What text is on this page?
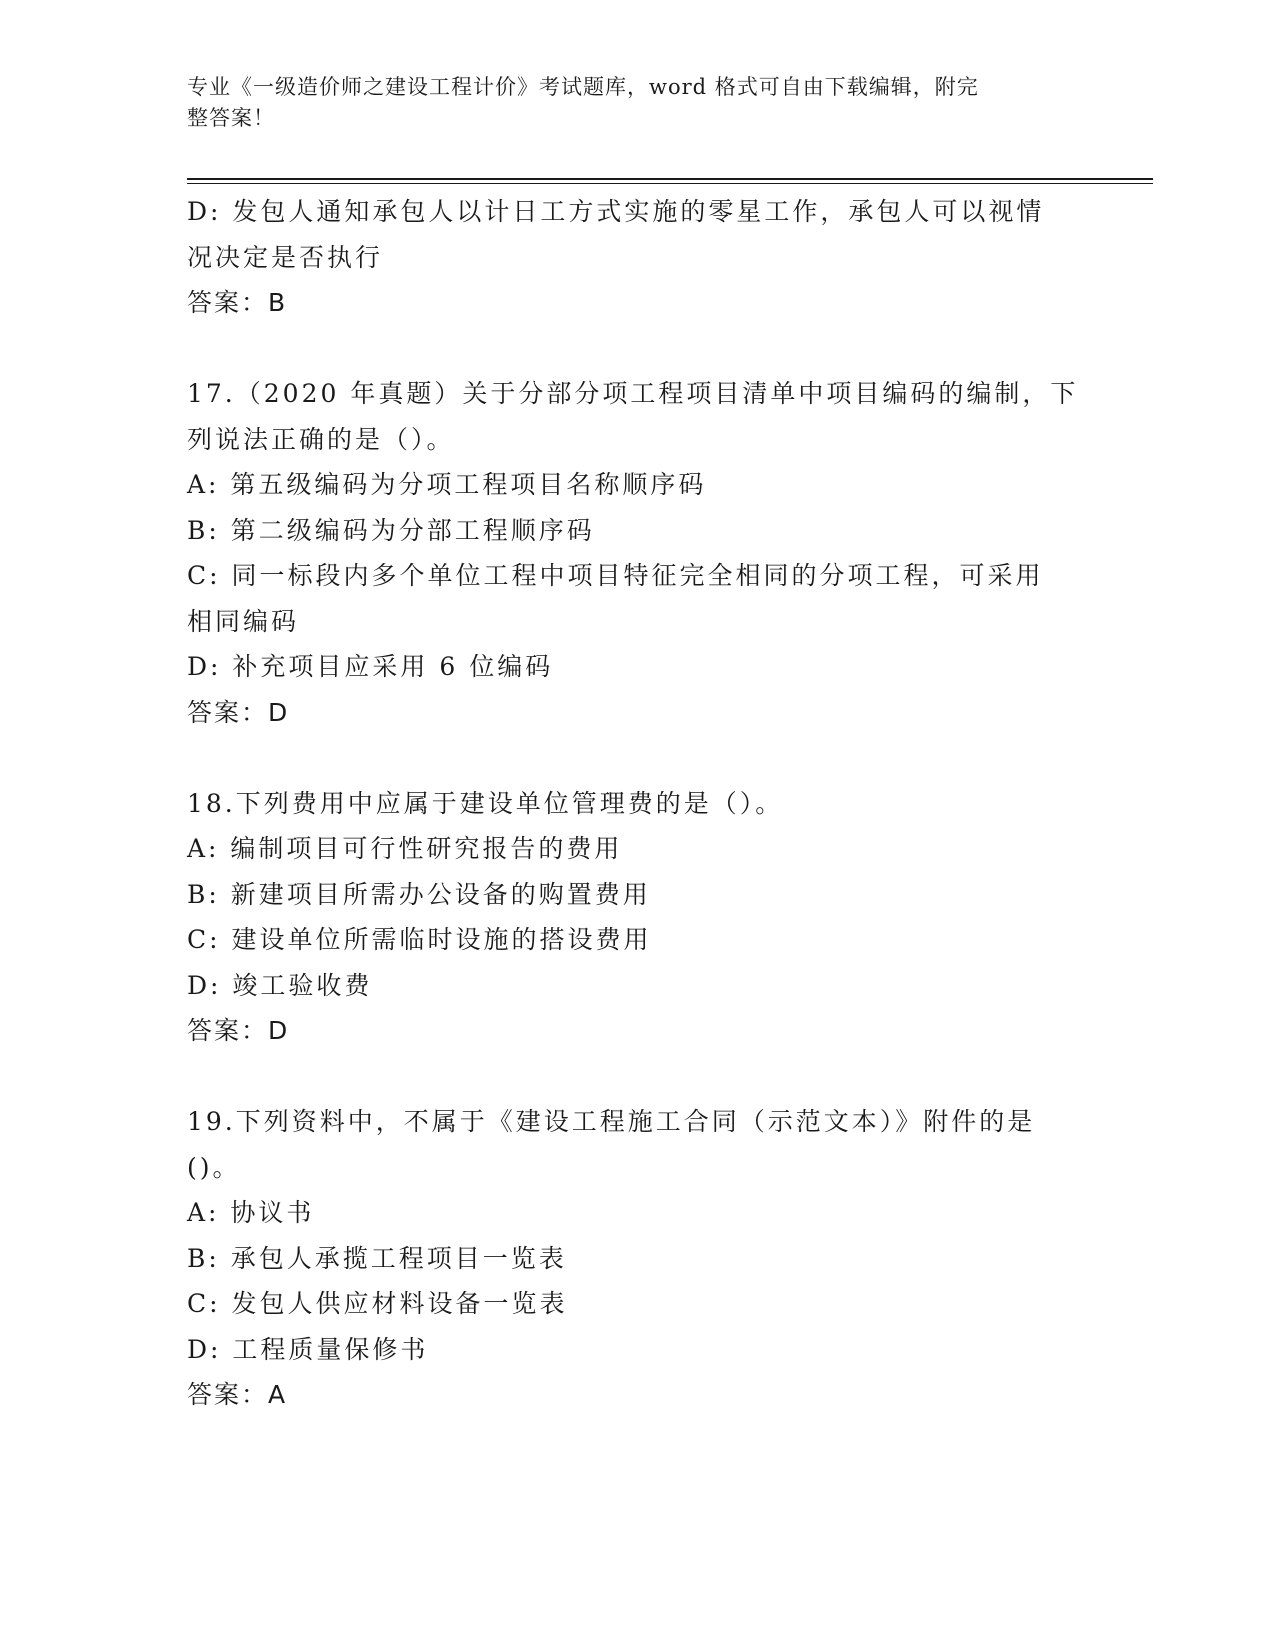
专业《一级造价师之建设工程计价》考试题库，word 格式可自由下载编辑，附完
整答案！
D: 发包人通知承包人以计日工方式实施的零星工作，承包人可以视情
况决定是否执行
答案：B
17.（2020 年真题）关于分部分项工程项目清单中项目编码的编制，下
列说法正确的是（）。
A: 第五级编码为分项工程项目名称顺序码
B: 第二级编码为分部工程顺序码
C: 同一标段内多个单位工程中项目特征完全相同的分项工程，可采用
相同编码
D: 补充项目应采用 6 位编码
答案：D
18.下列费用中应属于建设单位管理费的是（）。
A: 编制项目可行性研究报告的费用
B: 新建项目所需办公设备的购置费用
C: 建设单位所需临时设施的搭设费用
D: 竣工验收费
答案：D
19.下列资料中，不属于《建设工程施工合同（示范文本）》附件的是
()。
A: 协议书
B: 承包人承揽工程项目一览表
C: 发包人供应材料设备一览表
D: 工程质量保修书
答案：A
